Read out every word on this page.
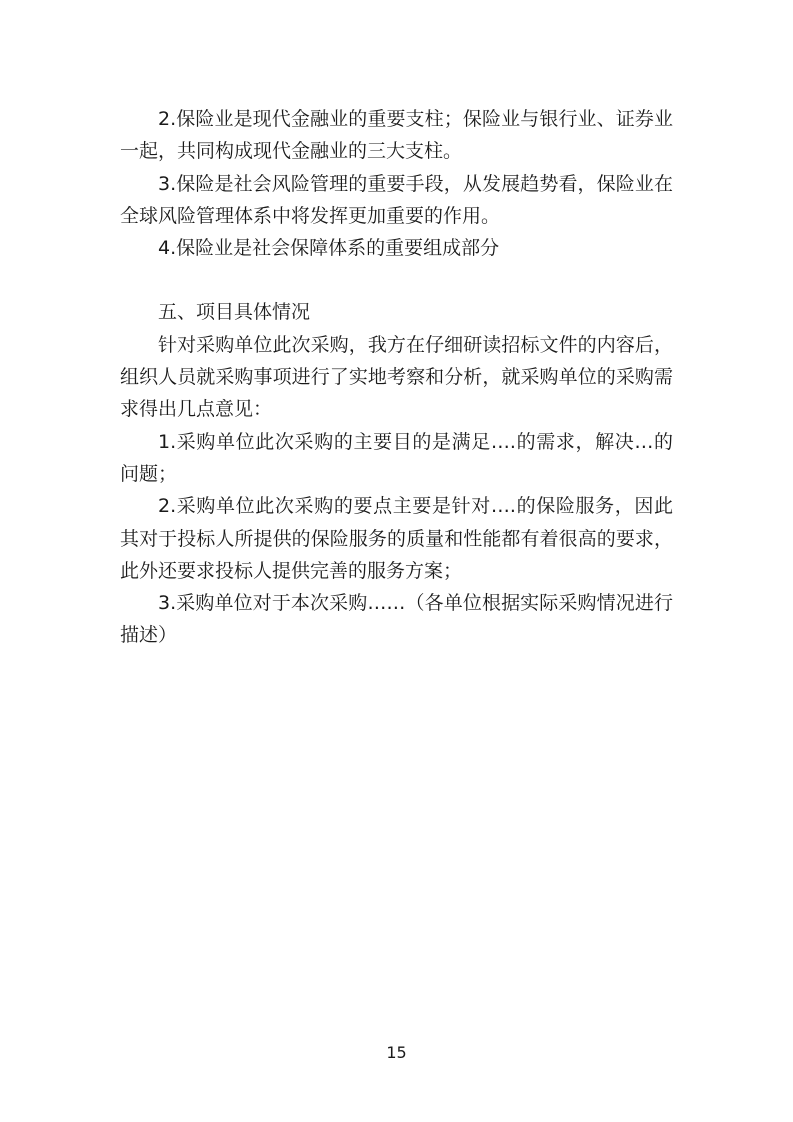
2.保险业是现代金融业的重要支柱；保险业与银行业、证券业一起，共同构成现代金融业的三大支柱。

3.保险是社会风险管理的重要手段，从发展趋势看，保险业在全球风险管理体系中将发挥更加重要的作用。

4.保险业是社会保障体系的重要组成部分

五、项目具体情况

针对采购单位此次采购，我方在仔细研读招标文件的内容后，组织人员就采购事项进行了实地考察和分析，就采购单位的采购需求得出几点意见：

1.采购单位此次采购的主要目的是满足….的需求，解决…的问题；

2.采购单位此次采购的要点主要是针对….的保险服务，因此其对于投标人所提供的保险服务的质量和性能都有着很高的要求，此外还要求投标人提供完善的服务方案；

3.采购单位对于本次采购……（各单位根据实际采购情况进行描述）

15
